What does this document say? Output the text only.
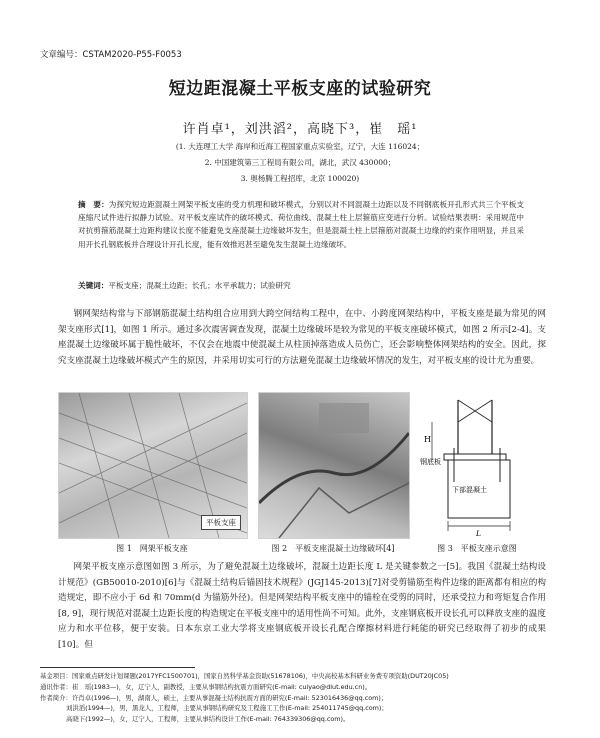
文章编号：CSTAM2020-P55-F0053
短边距混凝土平板支座的试验研究
许肖卓¹，刘洪滔²，高晓下³，崔　瑶¹
(1. 大连理工大学 海岸和近海工程国家重点实验室，辽宁，大连 116024；
2. 中国建筑第三工程局有限公司，湖北，武汉 430000；
3. 奥杨腾工程招库，北京 100020)
摘　要：为探究短边距混凝土网架平板支座的受力机理和破坏模式，分别以对不同混凝土边距以及不同钢底板开孔形式共三个平板支座缩尺试件进行拟静力试验。对平板支座试件的破坏模式、荷位曲线、混凝土柱上层箍筋应变进行分析。试验结果表明：采用规范中对抗剪箍筋混凝土边距构建议长度不能避免支座混凝土边缘破坏发生，但是混凝土柱上层箍筋对混凝土边缘的约束作用明显，并且采用开长孔钢底板并合理设计开孔长度，能有效推迟甚至避免发生混凝土边缘破坏。
关键词：平板支座；混凝土边距；长孔；水平承载力；试验研究
钢网架结构常与下部钢筋混凝土结构组合应用到大跨空间结构工程中，在中、小跨度网架结构中，平板支座是最为常见的网架支座形式[1]，如图 1 所示。通过多次震害调查发现，混凝土边缘破坏是较为常见的平板支座破坏模式，如图 2 所示[2-4]。支座混凝土边缘破坏属于脆性破坏，不仅会在地震中使混凝土从柱顶掉落造成人员伤亡，还会影响整体网架结构的安全。因此，探究支座混凝土边缘破坏模式产生的原因，并采用切实可行的方法避免混凝土边缘破坏情况的发生，对平板支座的设计尤为重要。
平板支座
H
钢底板
下部混凝土
L
图 1　网架平板支座	图 2　平板支座混凝土边缘破坏[4]	图 3　平板支座示意图
网架平板支座示意图如图 3 所示，为了避免混凝土边缘破坏，混凝土边距长度 L 是关键参数之一[5]。我国《混凝土结构设计规范》(GB50010-2010)[6]与《混凝土结构后锚固技术规程》(JGJ145-2013)[7]对受剪锚筋至构件边缘的距离都有相应的构造规定，即不应小于 6d 和 70mm(d 为锚筋外径)。但是网架结构平板支座中的锚栓在受剪的同时，还承受拉力和弯矩复合作用[8, 9]，现行规范对混凝土边距长度的构造规定在平板支座中的适用性尚不可知。此外，支座钢底板开设长孔可以释放支座的温度应力和水平位移，便于安装。日本东京工业大学将支座钢底板开设长孔配合摩擦材料进行耗能的研究已经取得了初步的成果[10]。但
基金项目：国家重点研发计划课题(2017YFC1500701)，国家自然科学基金资助(51678106)，中央高校基本科研业务费专项资助(DUT20JC05)
通讯作者：崔　瑶(1983—)，女，辽宁人，副教授，主要从事钢结构抗震方面研究(E-mail: cuiyao@dlut.edu.cn)。
作者简介：许肖卓(1996—)，男，湖南人，硕士，主要从事混凝土结构抗震方面的研究(E-mail: 523016436@qq.com)；
刘洪滔(1994—)，男，黑龙人，工程师，主要从事钢结构研究及工程施工工作(E-mail: 254011745@qq.com)；
高晓下(1992—)，女，辽宁人，工程师，主要从事结构设计工作(E-mail: 764339306@qq.com)。
